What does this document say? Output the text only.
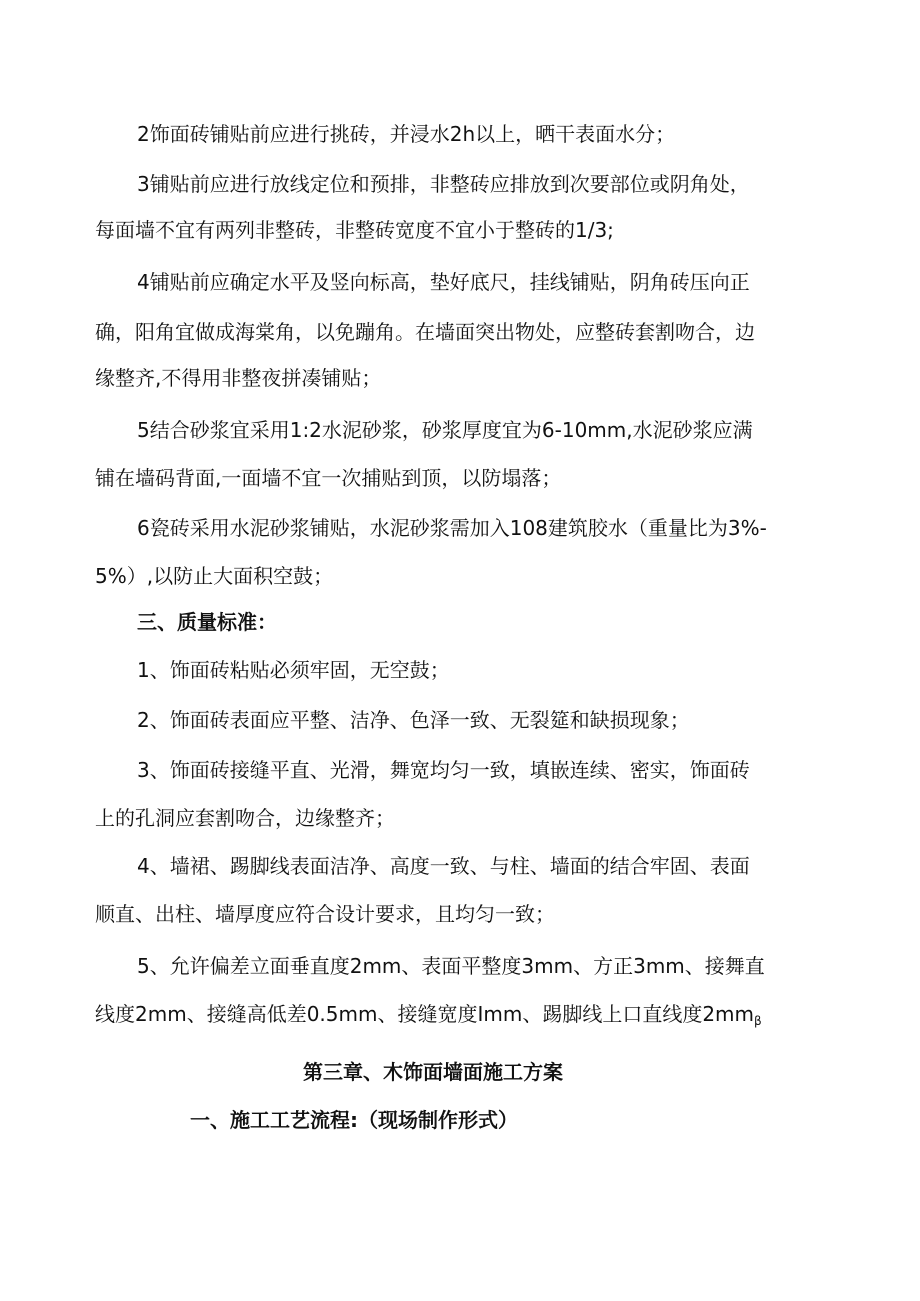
2饰面砖铺贴前应进行挑砖，并浸水2h以上，晒干表面水分；
3铺贴前应进行放线定位和预排，非整砖应排放到次要部位或阴角处，
每面墙不宜有两列非整砖，非整砖宽度不宜小于整砖的1/3;
4铺贴前应确定水平及竖向标高，垫好底尺，挂线铺贴，阴角砖压向正
确，阳角宜做成海棠角，以免蹦角。在墙面突出物处，应整砖套割吻合，边
缘整齐,不得用非整夜拼凑铺贴；
5结合砂浆宜采用1:2水泥砂浆，砂浆厚度宜为6-10mm,水泥砂浆应满
铺在墙码背面,一面墙不宜一次捕贴到顶，以防塌落；
6瓷砖采用水泥砂浆铺贴，水泥砂浆需加入108建筑胶水（重量比为3%-
5%）,以防止大面积空鼓；
三、质量标准：
1、饰面砖粘贴必须牢固，无空鼓；
2、饰面砖表面应平整、洁净、色泽一致、无裂筵和缺损现象；
3、饰面砖接缝平直、光滑，舞宽均匀一致，填嵌连续、密实，饰面砖
上的孔洞应套割吻合，边缘整齐；
4、墙裙、踢脚线表面洁净、高度一致、与柱、墙面的结合牢固、表面
顺直、出柱、墙厚度应符合设计要求，且均匀一致；
5、允许偏差立面垂直度2mm、表面平整度3mm、方正3mm、接舞直
线度2mm、接缝高低差0.5mm、接缝宽度Imm、踢脚线上口直线度$2mm_\beta$
第三章、木饰面墙面施工方案
一、施工工艺流程:（现场制作形式）
